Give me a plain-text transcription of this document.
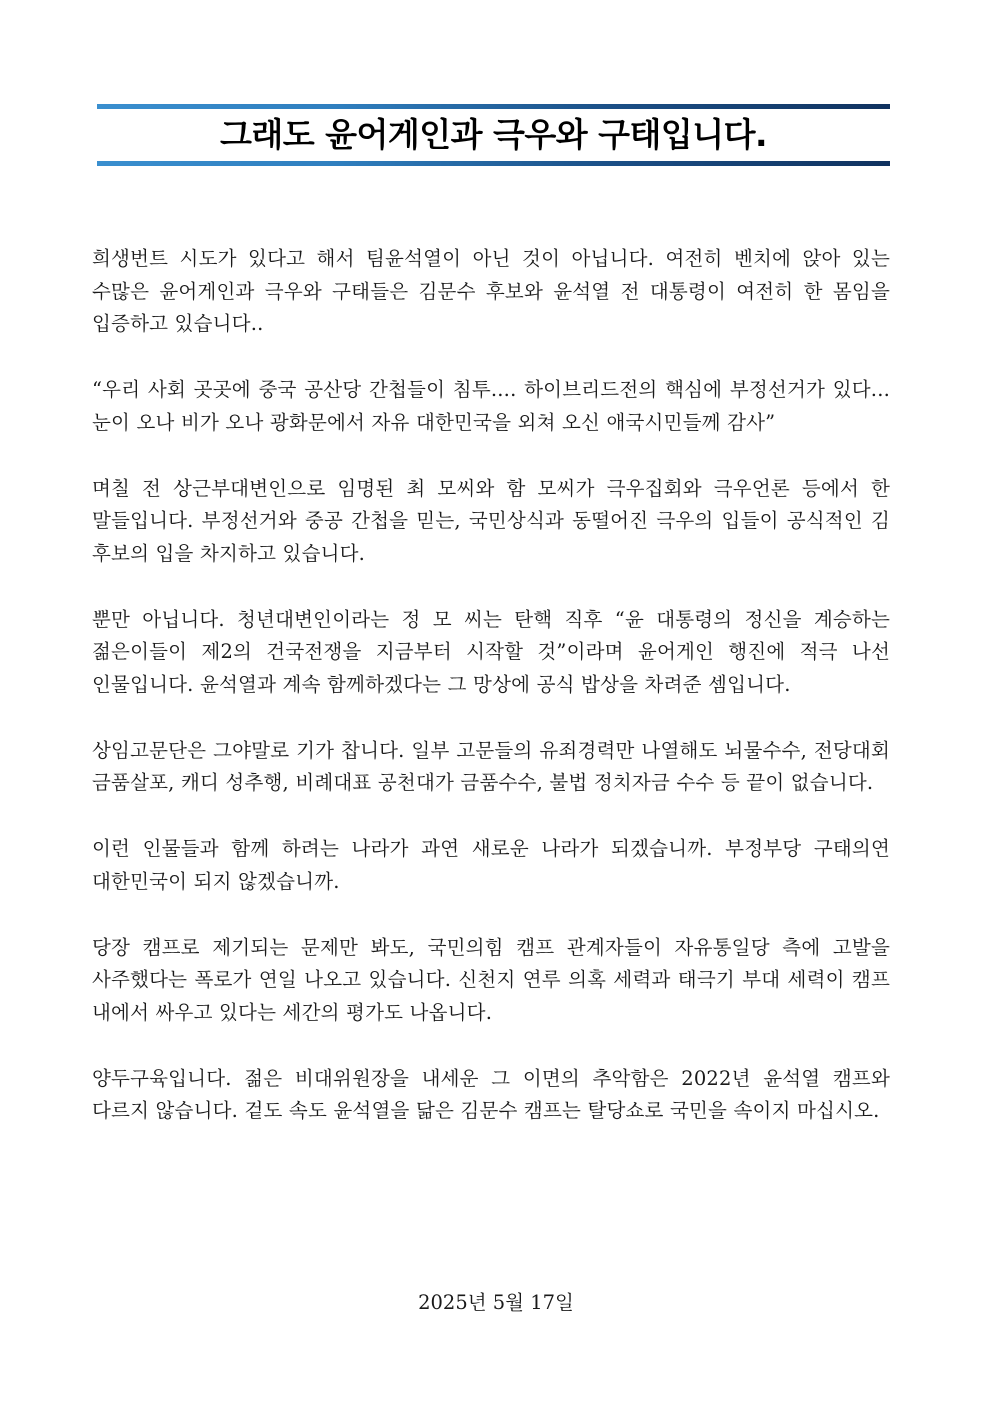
그래도 윤어게인과 극우와 구태입니다.

희생번트 시도가 있다고 해서 팀윤석열이 아닌 것이 아닙니다. 여전히 벤치에 앉아 있는 수많은 윤어게인과 극우와 구태들은 김문수 후보와 윤석열 전 대통령이 여전히 한 몸임을 입증하고 있습니다..

“우리 사회 곳곳에 중국 공산당 간첩들이 침투.... 하이브리드전의 핵심에 부정선거가 있다... 눈이 오나 비가 오나 광화문에서 자유 대한민국을 외쳐 오신 애국시민들께 감사”

며칠 전 상근부대변인으로 임명된 최 모씨와 함 모씨가 극우집회와 극우언론 등에서 한 말들입니다. 부정선거와 중공 간첩을 믿는, 국민상식과 동떨어진 극우의 입들이 공식적인 김 후보의 입을 차지하고 있습니다.

뿐만 아닙니다. 청년대변인이라는 정 모 씨는 탄핵 직후 “윤 대통령의 정신을 계승하는 젊은이들이 제2의 건국전쟁을 지금부터 시작할 것”이라며 윤어게인 행진에 적극 나선 인물입니다. 윤석열과 계속 함께하겠다는 그 망상에 공식 밥상을 차려준 셈입니다.

상임고문단은 그야말로 기가 찹니다. 일부 고문들의 유죄경력만 나열해도 뇌물수수, 전당대회 금품살포, 캐디 성추행, 비례대표 공천대가 금품수수, 불법 정치자금 수수 등 끝이 없습니다.

이런 인물들과 함께 하려는 나라가 과연 새로운 나라가 되겠습니까. 부정부당 구태의연 대한민국이 되지 않겠습니까.

당장 캠프로 제기되는 문제만 봐도, 국민의힘 캠프 관계자들이 자유통일당 측에 고발을 사주했다는 폭로가 연일 나오고 있습니다. 신천지 연루 의혹 세력과 태극기 부대 세력이 캠프 내에서 싸우고 있다는 세간의 평가도 나옵니다.

양두구육입니다. 젊은 비대위원장을 내세운 그 이면의 추악함은 2022년 윤석열 캠프와 다르지 않습니다. 겉도 속도 윤석열을 닮은 김문수 캠프는 탈당쇼로 국민을 속이지 마십시오.

2025년 5월 17일
